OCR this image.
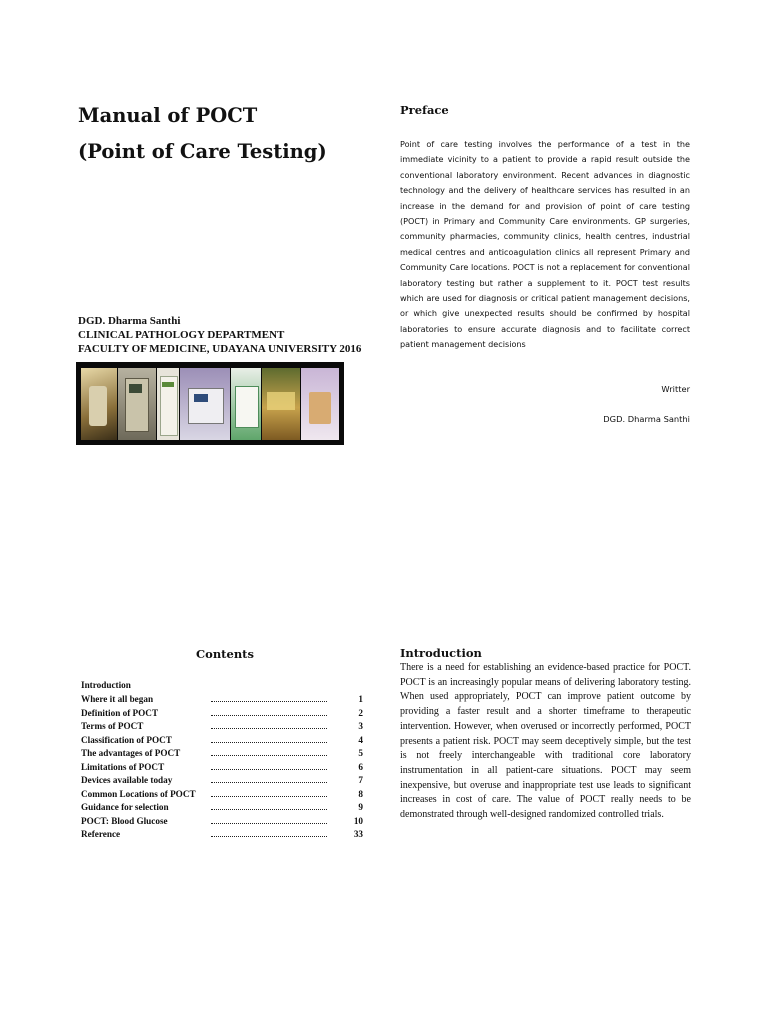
Manual of POCT
(Point of Care Testing)
DGD. Dharma Santhi
CLINICAL PATHOLOGY DEPARTMENT
FACULTY OF MEDICINE, UDAYANA UNIVERSITY 2016
Preface
Point of care testing involves the performance of a test in the immediate vicinity to a patient to provide a rapid result outside the conventional laboratory environment. Recent advances in diagnostic technology and the delivery of healthcare services has resulted in an increase in the demand for and provision of point of care testing (POCT) in Primary and Community Care environments. GP surgeries, community pharmacies, community clinics, health centres, industrial medical centres and anticoagulation clinics all represent Primary and Community Care locations. POCT is not a replacement for conventional laboratory testing but rather a supplement to it. POCT test results which are used for diagnosis or critical patient management decisions, or which give unexpected results should be confirmed by hospital laboratories to ensure accurate diagnosis and to facilitate correct patient management decisions
Writter
DGD. Dharma Santhi
Contents
Introduction
Where it all began	1
Definition of POCT	2
Terms of POCT	3
Classification of POCT	4
The advantages of POCT	5
Limitations of POCT	6
Devices available today	7
Common Locations of POCT	8
Guidance for selection	9
POCT: Blood Glucose	10
Reference	33
Introduction
There is a need for establishing an evidence-based practice for POCT. POCT is an increasingly popular means of delivering laboratory testing. When used appropriately, POCT can improve patient outcome by providing a faster result and a shorter timeframe to therapeutic intervention. However, when overused or incorrectly performed, POCT presents a patient risk. POCT may seem deceptively simple, but the test is not freely interchangeable with traditional core laboratory instrumentation in all patient-care situations. POCT may seem inexpensive, but overuse and inappropriate test use leads to significant increases in cost of care. The value of POCT really needs to be demonstrated through well-designed randomized controlled trials.
